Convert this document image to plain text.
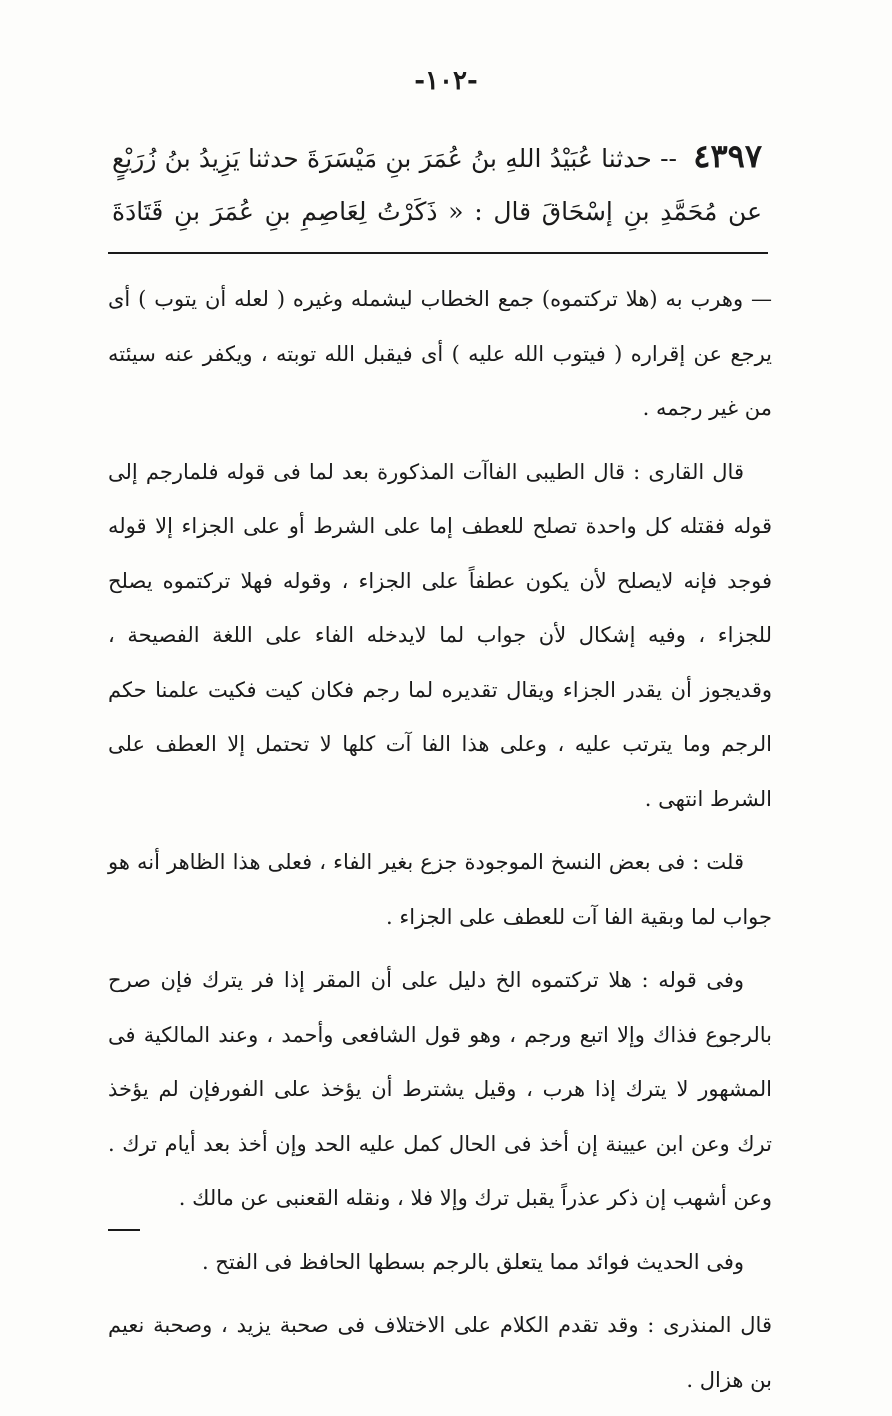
-١٠٢-
٤٣٩٧ -- حدثنا عُبَيْدُ اللهِ بنُ عُمَرَ بنِ مَيْسَرَةَ حدثنا يَزِيدُ بنُ زُرَيْعٍ عن مُحَمَّدِ بنِ إسْحَاقَ قال : « ذَكَرْتُ لِعَاصِمِ بنِ عُمَرَ بنِ قَتَادَةَ

— وهرب به (هلا تركتموه) جمع الخطاب ليشمله وغيره ( لعله أن يتوب ) أى يرجع عن إقراره ( فيتوب الله عليه ) أى فيقبل الله توبته ، ويكفر عنه سيئته من غير رجمه .

قال القارى : قال الطيبى الفاآت المذكورة بعد لما فى قوله فلمارجم إلى قوله فقتله كل واحدة تصلح للعطف إما على الشرط أو على الجزاء إلا قوله فوجد فإنه لايصلح لأن يكون عطفاً على الجزاء ، وقوله فهلا تركتموه يصلح للجزاء ، وفيه إشكال لأن جواب لما لايدخله الفاء على اللغة الفصيحة ، وقديجوز أن يقدر الجزاء ويقال تقديره لما رجم فكان كيت فكيت علمنا حكم الرجم وما يترتب عليه ، وعلى هذا الفا آت كلها لا تحتمل إلا العطف على الشرط انتهى .

قلت : فى بعض النسخ الموجودة جزع بغير الفاء ، فعلى هذا الظاهر أنه هو جواب لما وبقية الفا آت للعطف على الجزاء .

وفى قوله : هلا تركتموه الخ دليل على أن المقر إذا فر يترك فإن صرح بالرجوع فذاك وإلا اتبع ورجم ، وهو قول الشافعى وأحمد ، وعند المالكية فى المشهور لا يترك إذا هرب ، وقيل يشترط أن يؤخذ على الفورفإن لم يؤخذ ترك وعن ابن عيينة إن أخذ فى الحال كمل عليه الحد وإن أخذ بعد أيام ترك . وعن أشهب إن ذكر عذراً يقبل ترك وإلا فلا ، ونقله القعنبى عن مالك .

وفى الحديث فوائد مما يتعلق بالرجم بسطها الحافظ فى الفتح .

قال المنذرى : وقد تقدم الكلام على الاختلاف فى صحبة يزيد ، وصحبة نعيم بن هزال .
